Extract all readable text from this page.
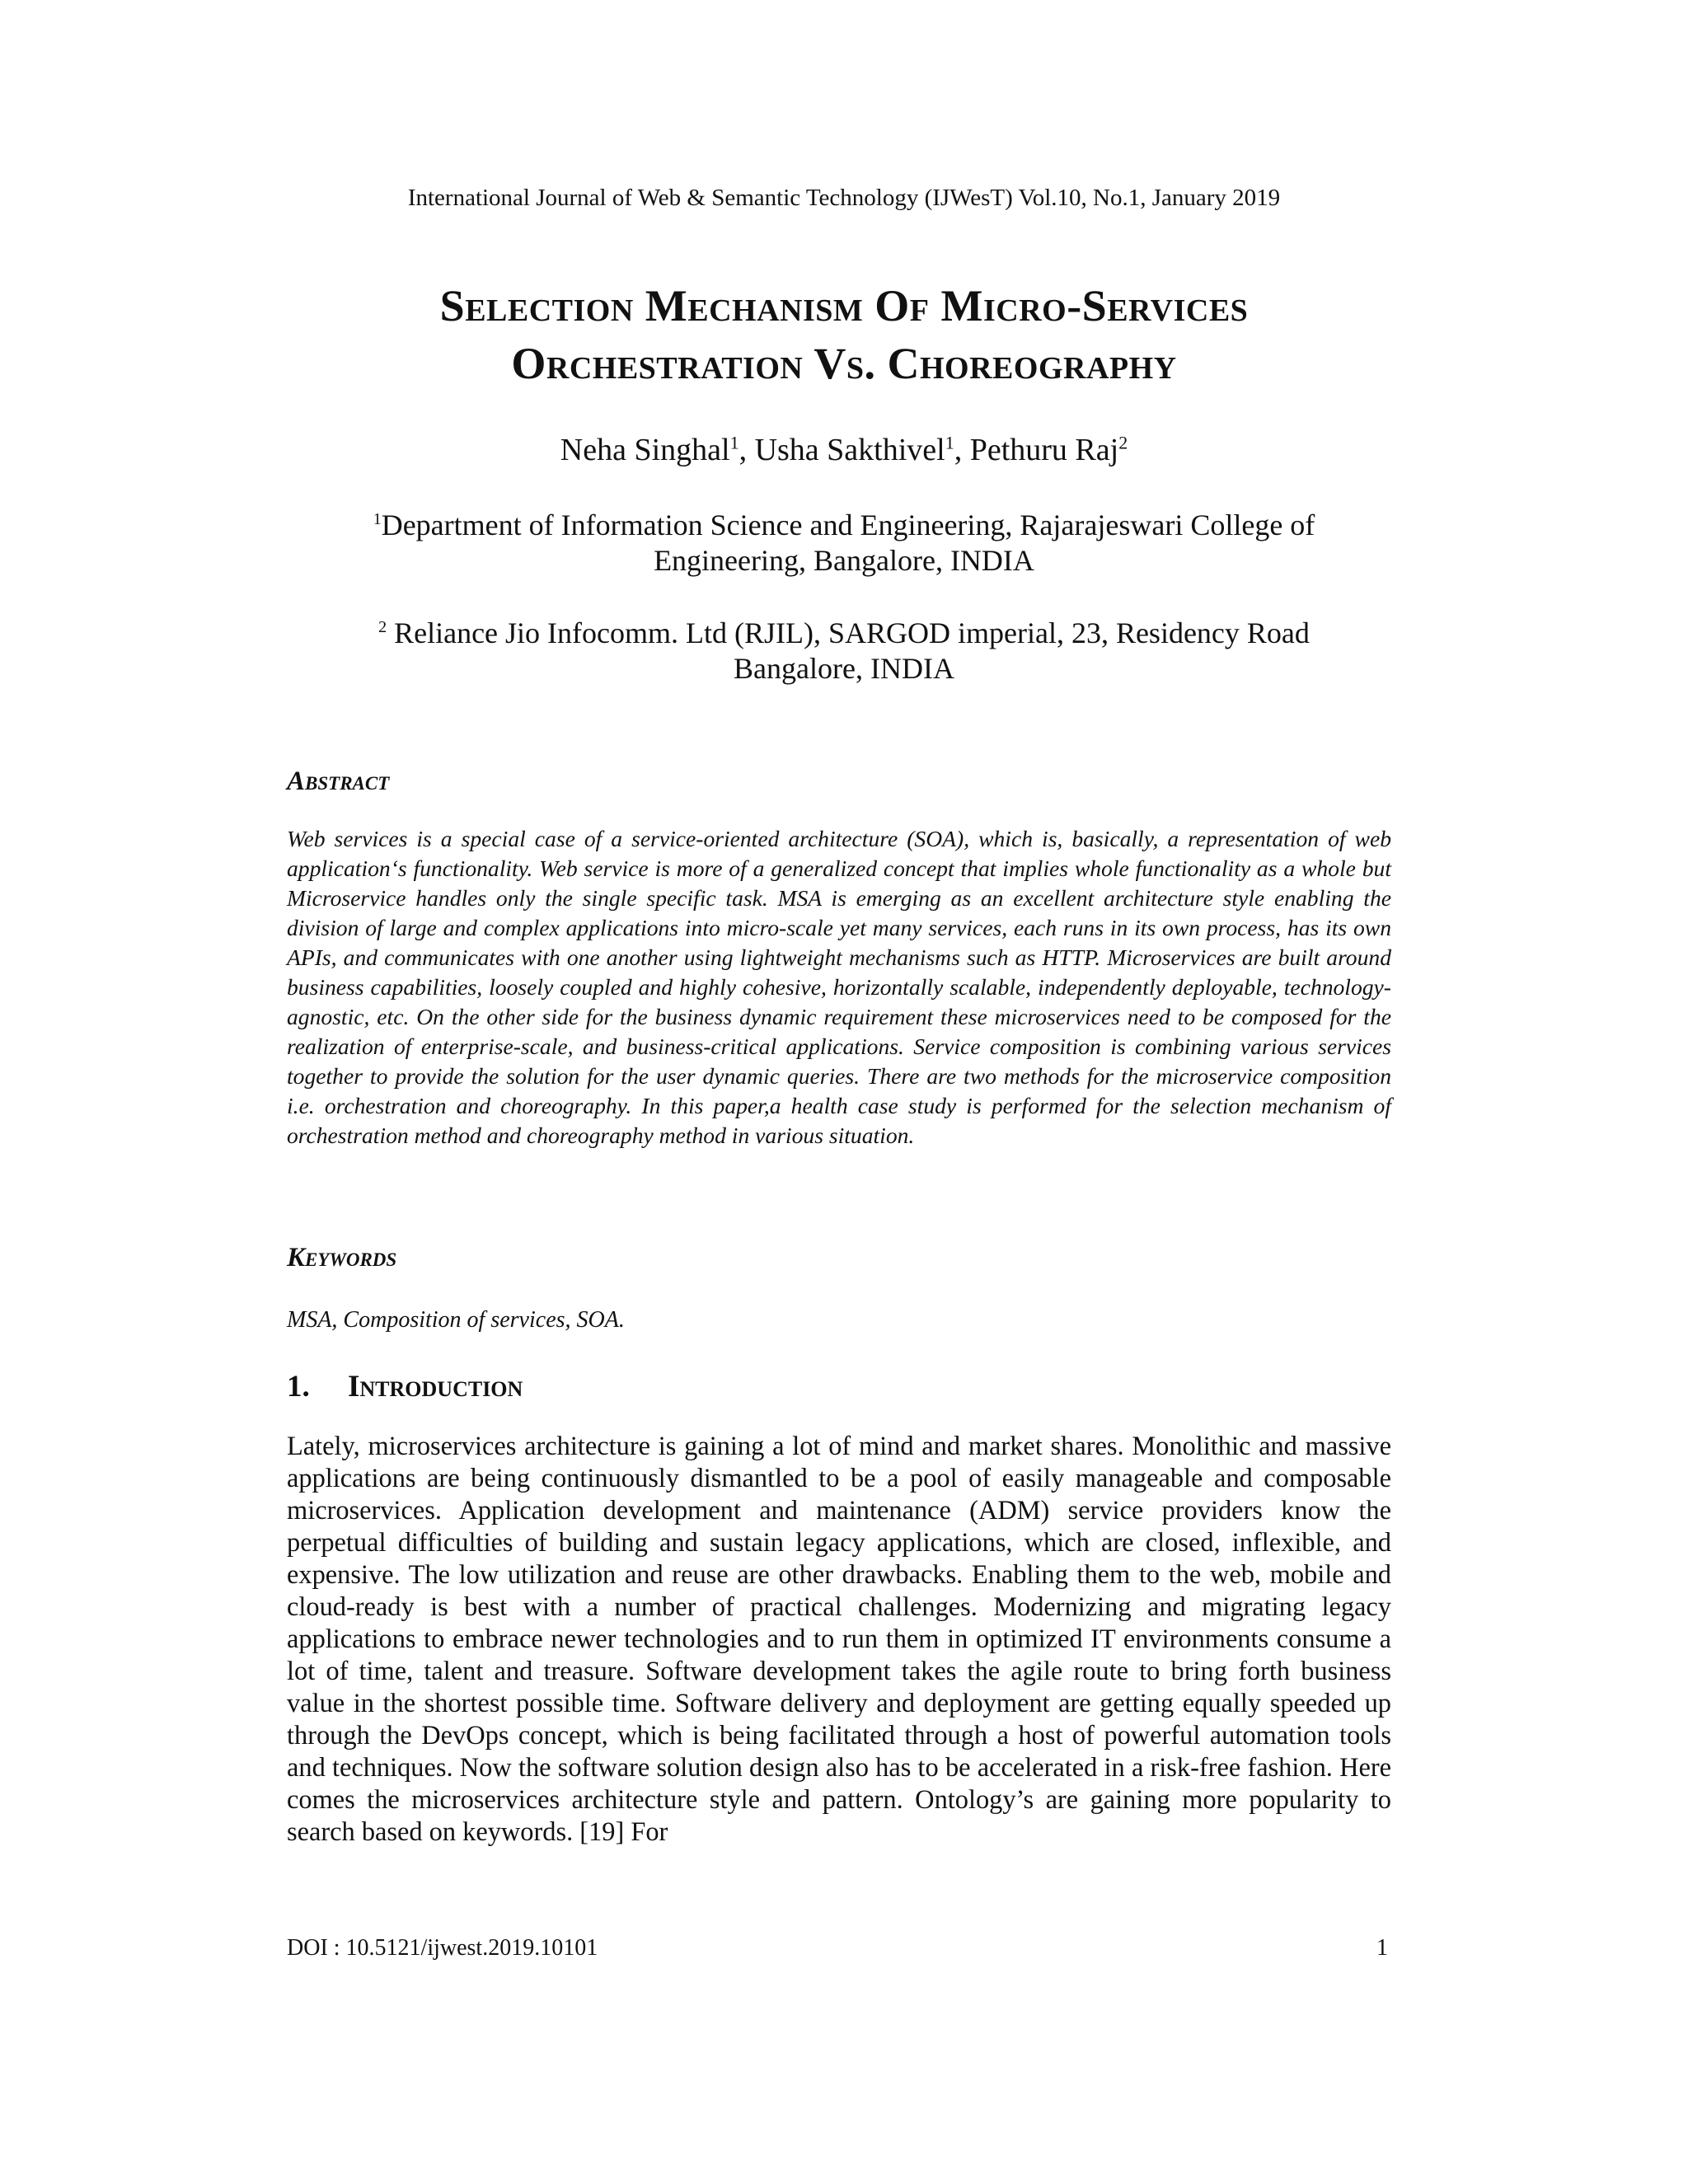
International Journal of Web & Semantic Technology (IJWesT) Vol.10, No.1, January 2019
Selection Mechanism Of Micro-Services
Orchestration Vs. Choreography
Neha Singhal$^1$, Usha Sakthivel$^1$, Pethuru Raj$^2$
$^1$Department of Information Science and Engineering, Rajarajeswari College of
Engineering, Bangalore, INDIA
$^2$ Reliance Jio Infocomm. Ltd (RJIL), SARGOD imperial, 23, Residency Road
Bangalore, INDIA
Abstract

Web services is a special case of a service-oriented architecture (SOA), which is, basically, a representation of web application‘s functionality. Web service is more of a generalized concept that implies whole functionality as a whole but Microservice handles only the single specific task. MSA is emerging as an excellent architecture style enabling the division of large and complex applications into micro-scale yet many services, each runs in its own process, has its own APIs, and communicates with one another using lightweight mechanisms such as HTTP. Microservices are built around business capabilities, loosely coupled and highly cohesive, horizontally scalable, independently deployable, technology-agnostic, etc. On the other side for the business dynamic requirement these microservices need to be composed for the realization of enterprise-scale, and business-critical applications. Service composition is combining various services together to provide the solution for the user dynamic queries. There are two methods for the microservice composition i.e. orchestration and choreography. In this paper,a health case study is performed for the selection mechanism of orchestration method and choreography method in various situation.

Keywords
MSA, Composition of services, SOA.
1. Introduction

Lately, microservices architecture is gaining a lot of mind and market shares. Monolithic and massive applications are being continuously dismantled to be a pool of easily manageable and composable microservices. Application development and maintenance (ADM) service providers know the perpetual difficulties of building and sustain legacy applications, which are closed, inflexible, and expensive. The low utilization and reuse are other drawbacks. Enabling them to the web, mobile and cloud-ready is best with a number of practical challenges. Modernizing and migrating legacy applications to embrace newer technologies and to run them in optimized IT environments consume a lot of time, talent and treasure. Software development takes the agile route to bring forth business value in the shortest possible time. Software delivery and deployment are getting equally speeded up through the DevOps concept, which is being facilitated through a host of powerful automation tools and techniques. Now the software solution design also has to be accelerated in a risk-free fashion. Here comes the microservices architecture style and pattern. Ontology’s are gaining more popularity to search based on keywords. [19] For

DOI : 10.5121/ijwest.2019.10101	1
